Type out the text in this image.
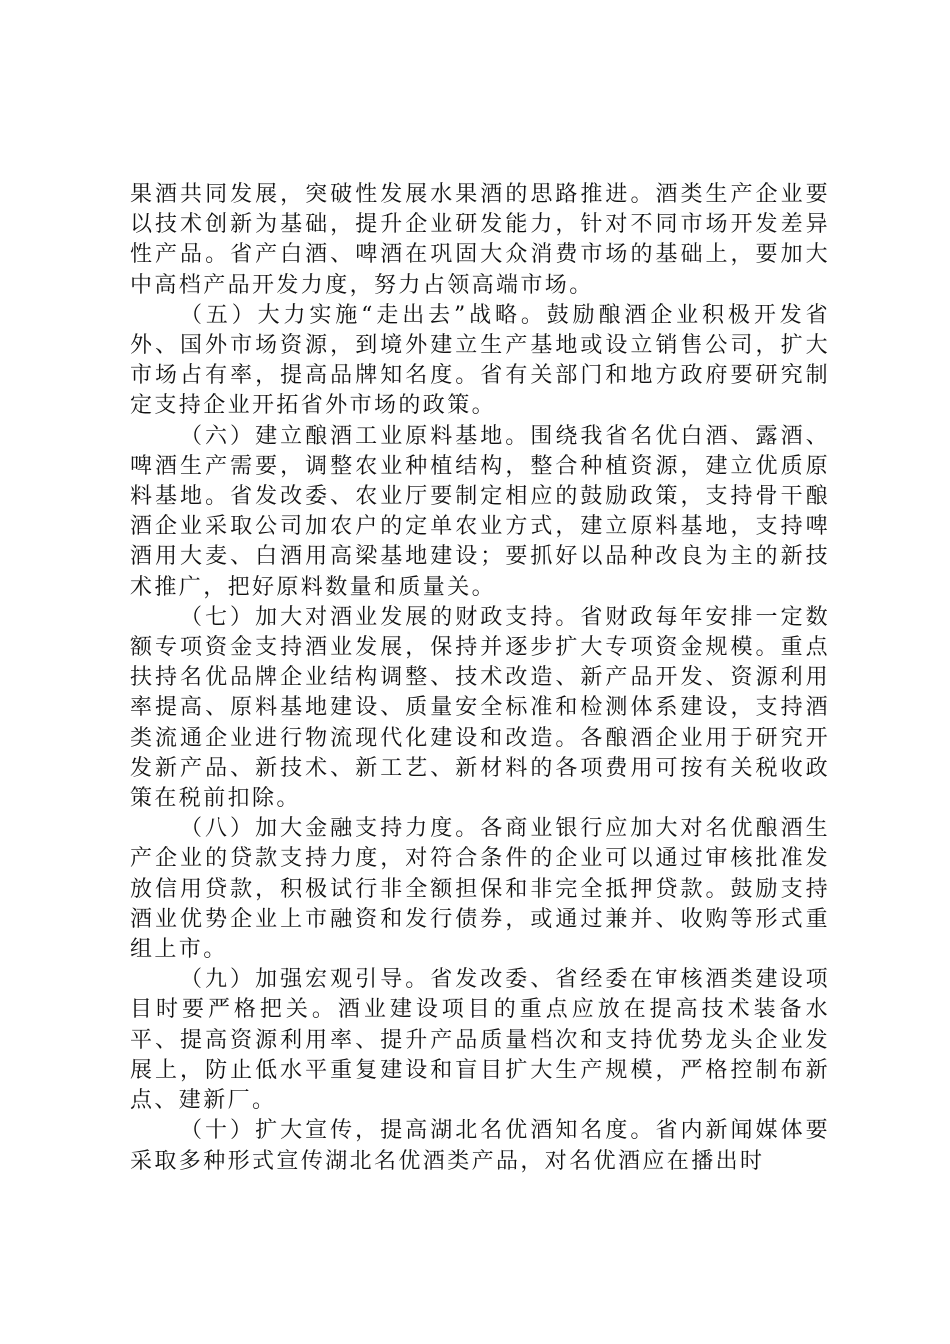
果酒共同发展，突破性发展水果酒的思路推进。酒类生产企业要以技术创新为基础，提升企业研发能力，针对不同市场开发差异性产品。省产白酒、啤酒在巩固大众消费市场的基础上，要加大中高档产品开发力度，努力占领高端市场。

（五）大力实施“走出去”战略。鼓励酿酒企业积极开发省外、国外市场资源，到境外建立生产基地或设立销售公司，扩大市场占有率，提高品牌知名度。省有关部门和地方政府要研究制定支持企业开拓省外市场的政策。

（六）建立酿酒工业原料基地。围绕我省名优白酒、露酒、啤酒生产需要，调整农业种植结构，整合种植资源，建立优质原料基地。省发改委、农业厅要制定相应的鼓励政策，支持骨干酿酒企业采取公司加农户的定单农业方式，建立原料基地，支持啤酒用大麦、白酒用高梁基地建设；要抓好以品种改良为主的新技术推广，把好原料数量和质量关。

（七）加大对酒业发展的财政支持。省财政每年安排一定数额专项资金支持酒业发展，保持并逐步扩大专项资金规模。重点扶持名优品牌企业结构调整、技术改造、新产品开发、资源利用率提高、原料基地建设、质量安全标准和检测体系建设，支持酒类流通企业进行物流现代化建设和改造。各酿酒企业用于研究开发新产品、新技术、新工艺、新材料的各项费用可按有关税收政策在税前扣除。

（八）加大金融支持力度。各商业银行应加大对名优酿酒生产企业的贷款支持力度，对符合条件的企业可以通过审核批准发放信用贷款，积极试行非全额担保和非完全抵押贷款。鼓励支持酒业优势企业上市融资和发行债券，或通过兼并、收购等形式重组上市。

（九）加强宏观引导。省发改委、省经委在审核酒类建设项目时要严格把关。酒业建设项目的重点应放在提高技术装备水平、提高资源利用率、提升产品质量档次和支持优势龙头企业发展上，防止低水平重复建设和盲目扩大生产规模，严格控制布新点、建新厂。

（十）扩大宣传，提高湖北名优酒知名度。省内新闻媒体要采取多种形式宣传湖北名优酒类产品，对名优酒应在播出时
